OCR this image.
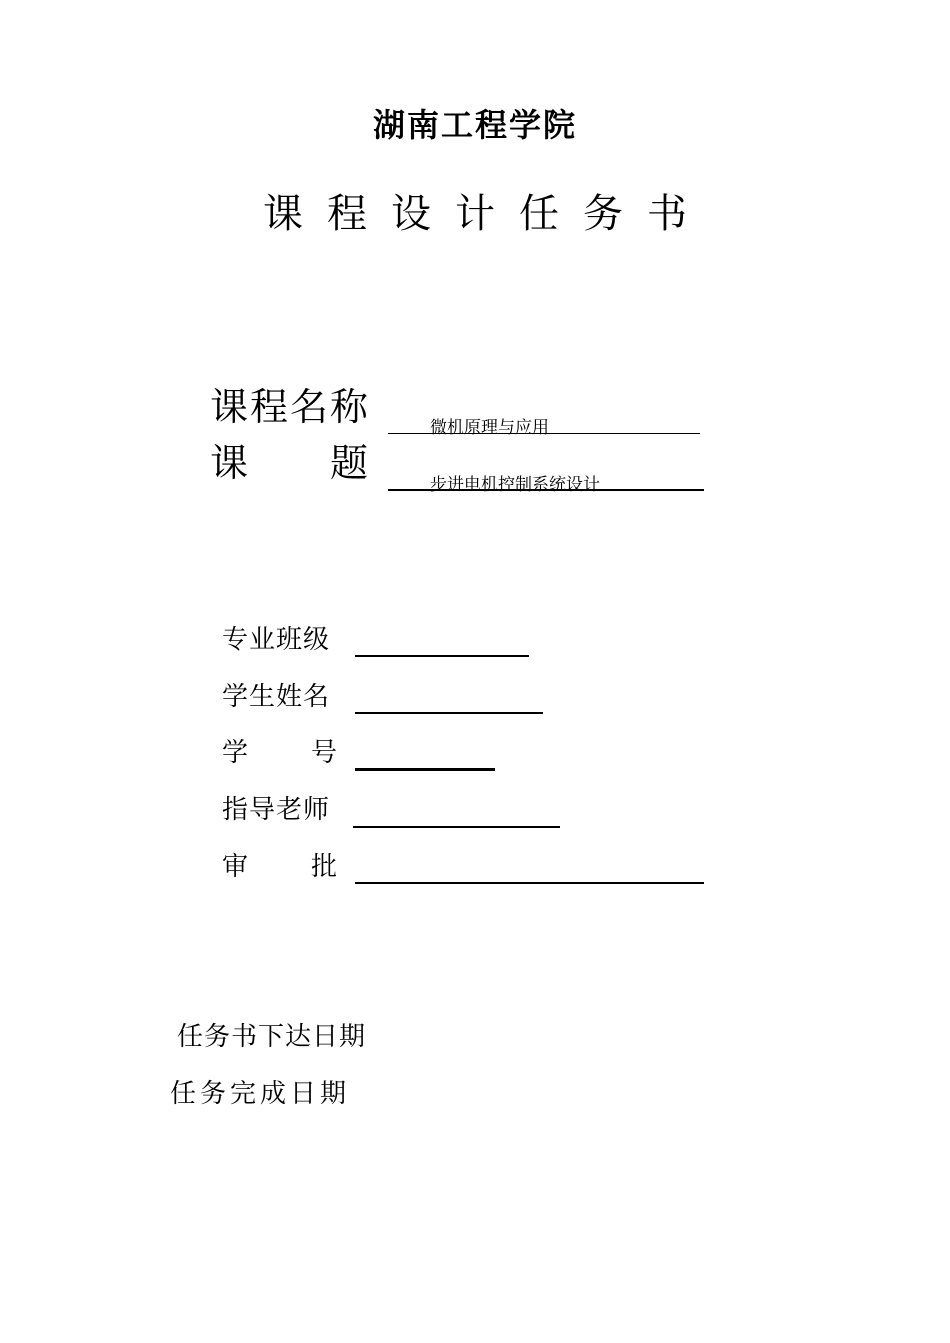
湖南工程学院
课程设计任务书
课程名称	微机原理与应用
课 题	步进电机控制系统设计
专业班级
学生姓名
学 号
指导老师
审 批
任务书下达日期
任务完成日期
